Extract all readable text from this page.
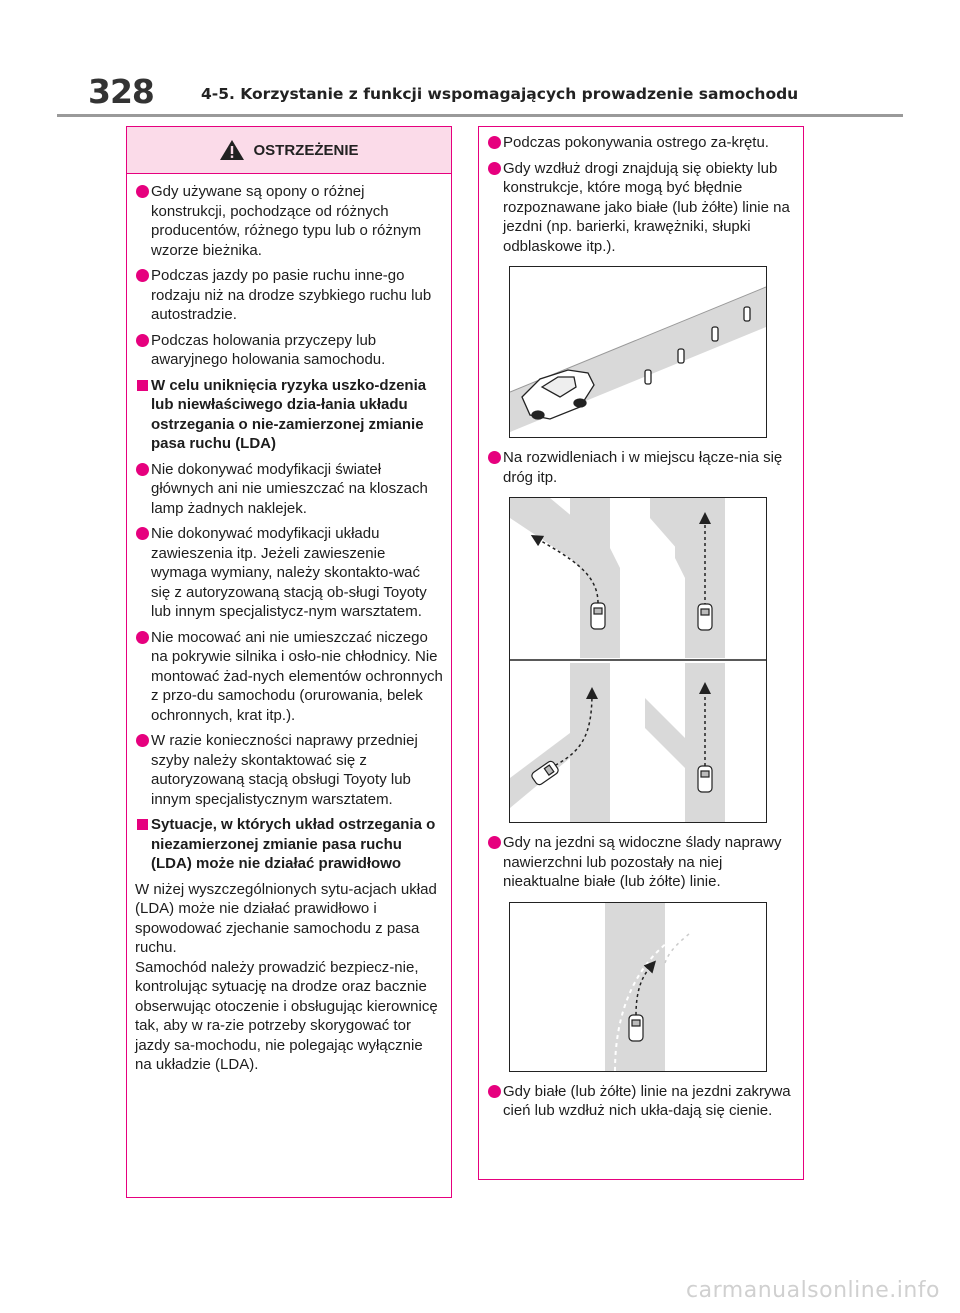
328	4-5. Korzystanie z funkcji wspomagających prowadzenie samochodu
OSTRZEŻENIE
Gdy używane są opony o różnej konstrukcji, pochodzące od różnych producentów, różnego typu lub o różnym wzorze bieżnika.
Podczas jazdy po pasie ruchu inne-go rodzaju niż na drodze szybkiego ruchu lub autostradzie.
Podczas holowania przyczepy lub awaryjnego holowania samochodu.
W celu uniknięcia ryzyka uszko-dzenia lub niewłaściwego dzia-łania układu ostrzegania o nie-zamierzonej zmianie pasa ruchu (LDA)
Nie dokonywać modyfikacji świateł głównych ani nie umieszczać na kloszach lamp żadnych naklejek.
Nie dokonywać modyfikacji układu zawieszenia itp. Jeżeli zawieszenie wymaga wymiany, należy skontakto-wać się z autoryzowaną stacją ob-sługi Toyoty lub innym specjalistycz-nym warsztatem.
Nie mocować ani nie umieszczać niczego na pokrywie silnika i osło-nie chłodnicy. Nie montować żad-nych elementów ochronnych z przo-du samochodu (orurowania, belek ochronnych, krat itp.).
W razie konieczności naprawy przedniej szyby należy skontaktować się z autoryzowaną stacją obsługi Toyoty lub innym specjalistycznym warsztatem.
Sytuacje, w których układ ostrzegania o niezamierzonej zmianie pasa ruchu (LDA) może nie działać prawidłowo
W niżej wyszczególnionych sytu-acjach układ (LDA) może nie działać prawidłowo i spowodować zjechanie samochodu z pasa ruchu.
Samochód należy prowadzić bezpiecz-nie, kontrolując sytuację na drodze oraz bacznie obserwując otoczenie i obsługując kierownicę tak, aby w ra-zie potrzeby skorygować tor jazdy sa-mochodu, nie polegając wyłącznie na układzie (LDA).
Podczas pokonywania ostrego za-krętu.
Gdy wzdłuż drogi znajdują się obiekty lub konstrukcje, które mogą być błędnie rozpoznawane jako białe (lub żółte) linie na jezdni (np. barierki, krawężniki, słupki odblaskowe itp.).
Na rozwidleniach i w miejscu łącze-nia się dróg itp.
Gdy na jezdni są widoczne ślady naprawy nawierzchni lub pozostały na niej nieaktualne białe (lub żółte) linie.
Gdy białe (lub żółte) linie na jezdni zakrywa cień lub wzdłuż nich ukła-dają się cienie.
carmanualsonline.info
